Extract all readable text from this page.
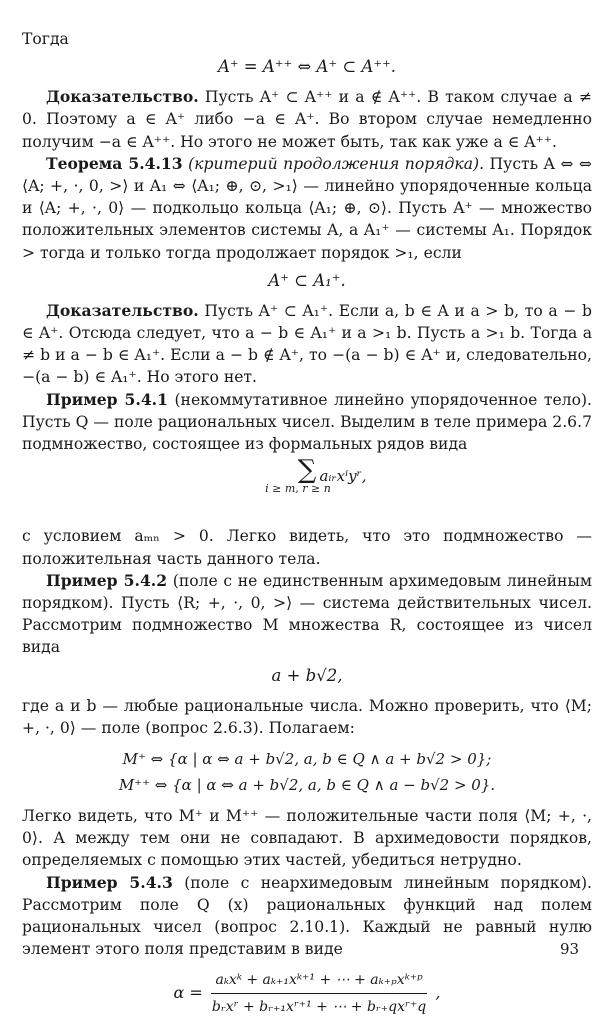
Тогда

A⁺ = A⁺⁺ ⇔ A⁺ ⊂ A⁺⁺.

Доказательство. Пусть A⁺ ⊂ A⁺⁺ и a ∉ A⁺⁺. В таком случае a ≠ 0. Поэтому a ∈ A⁺ либо −a ∈ A⁺. Во втором случае немедленно получим −a ∈ A⁺⁺. Но этого не может быть, так как уже a ∈ A⁺⁺.

Теорема 5.4.13 (критерий продолжения порядка). Пусть A ⇔ ⇔ ⟨A; +, ·, 0, >⟩ и A₁ ⇔ ⟨A₁; ⊕, ⊙, >₁⟩ — линейно упорядоченные кольца и ⟨A; +, ·, 0⟩ — подкольцо кольца ⟨A₁; ⊕, ⊙⟩. Пусть A⁺ — множество положительных элементов системы A, а A₁⁺ — системы A₁. Порядок > тогда и только тогда продолжает порядок >₁, если

A⁺ ⊂ A₁⁺.

Доказательство. Пусть A⁺ ⊂ A₁⁺. Если a, b ∈ A и a > b, то a − b ∈ A⁺. Отсюда следует, что a − b ∈ A₁⁺ и a >₁ b. Пусть a >₁ b. Тогда a ≠ b и a − b ∈ A₁⁺. Если a − b ∉ A⁺, то −(a − b) ∈ A⁺ и, следовательно, −(a − b) ∈ A₁⁺. Но этого нет.

Пример 5.4.1 (некоммутативное линейно упорядоченное тело). Пусть Q — поле рациональных чисел. Выделим в теле примера 2.6.7 подмножество, состоящее из формальных рядов вида

∑
i ≥ m, r ≥ n
aᵢᵣxⁱyʳ,

с условием aₘₙ > 0. Легко видеть, что это подмножество — положительная часть данного тела.

Пример 5.4.2 (поле с не единственным архимедовым линейным порядком). Пусть ⟨R; +, ·, 0, >⟩ — система действительных чисел. Рассмотрим подмножество M множества R, состоящее из чисел вида

a + b√2,

где a и b — любые рациональные числа. Можно проверить, что ⟨M; +, ·, 0⟩ — поле (вопрос 2.6.3). Полагаем:

M⁺ ⇔ {α | α ⇔ a + b√2, a, b ∈ Q ∧ a + b√2 > 0};
M⁺⁺ ⇔ {α | α ⇔ a + b√2, a, b ∈ Q ∧ a − b√2 > 0}.

Легко видеть, что M⁺ и M⁺⁺ — положительные части поля ⟨M; +, ·, 0⟩. А между тем они не совпадают. В архимедовости порядков, определяемых с помощью этих частей, убедиться нетрудно.

Пример 5.4.3 (поле с неархимедовым линейным порядком). Рассмотрим поле Q (x) рациональных функций над полем рациональных чисел (вопрос 2.10.1). Каждый не равный нулю элемент этого поля представим в виде

$\alpha = \frac{\text{aₖxᵏ + aₖ₊₁xᵏ⁺¹ + ⋯ + aₖ₊ₚxᵏ⁺ᵖ}}{\text{bᵣxʳ + bᵣ₊₁xʳ⁺¹ + ⋯ + bᵣ₊qxʳ⁺q}}$ ,
93
